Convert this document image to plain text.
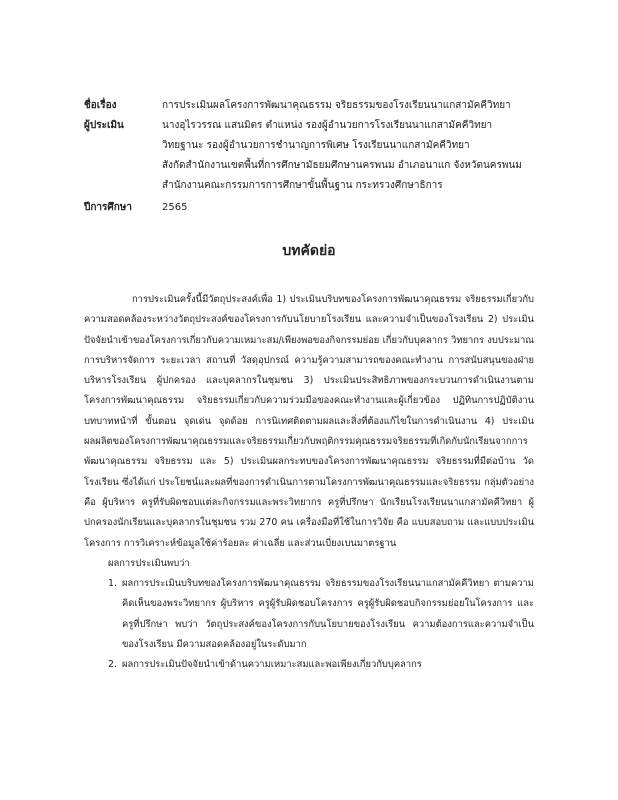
ชื่อเรื่อง	การประเมินผลโครงการพัฒนาคุณธรรม จริยธรรมของโรงเรียนนาแกสามัคคีวิทยา
ผู้ประเมิน	นางอุไรวรรณ แสนมิตร ตำแหน่ง รองผู้อำนวยการโรงเรียนนาแกสามัคคีวิทยา
วิทยฐานะ รองผู้อำนวยการชำนาญการพิเศษ โรงเรียนนาแกสามัคคีวิทยา
สังกัดสำนักงานเขตพื้นที่การศึกษามัธยมศึกษานครพนม อำเภอนาแก จังหวัดนครพนม
สำนักงานคณะกรรมการการศึกษาขั้นพื้นฐาน กระทรวงศึกษาธิการ
ปีการศึกษา	2565
บทคัดย่อ

การประเมินครั้งนี้มีวัตถุประสงค์เพื่อ 1) ประเมินบริบทของโครงการพัฒนาคุณธรรม จริยธรรมเกี่ยวกับความสอดคล้องระหว่างวัตถุประสงค์ของโครงการกับนโยบายโรงเรียน และความจำเป็นของโรงเรียน 2) ประเมินปัจจัยนำเข้าของโครงการเกี่ยวกับความเหมาะสม/เพียงพอของกิจกรรมย่อย เกี่ยวกับบุคลากร วิทยากร งบประมาณ การบริหารจัดการ ระยะเวลา สถานที่ วัสดุอุปกรณ์ ความรู้ความสามารถของคณะทำงาน การสนับสนุนของฝ่ายบริหารโรงเรียน ผู้ปกครอง และบุคลากรในชุมชน 3) ประเมินประสิทธิภาพของกระบวนการดำเนินงานตามโครงการพัฒนาคุณธรรม จริยธรรมเกี่ยวกับความร่วมมือของคณะทำงานและผู้เกี่ยวข้อง ปฏิทินการปฏิบัติงาน บทบาทหน้าที่ ขั้นตอน จุดเด่น จุดด้อย การนิเทศติดตามผลและสิ่งที่ต้องแก้ไขในการดำเนินงาน 4) ประเมินผลผลิตของโครงการพัฒนาคุณธรรมและจริยธรรมเกี่ยวกับพฤติกรรมคุณธรรมจริยธรรมที่เกิดกับนักเรียนจากการพัฒนาคุณธรรม จริยธรรม และ 5) ประเมินผลกระทบของโครงการพัฒนาคุณธรรม จริยธรรมที่มีต่อบ้าน วัด โรงเรียน ซึ่งได้แก่ ประโยชน์และผลที่ของการดำเนินการตามโครงการพัฒนาคุณธรรมและจริยธรรม กลุ่มตัวอย่าง คือ ผู้บริหาร ครูที่รับผิดชอบแต่ละกิจกรรมและพระวิทยากร ครูที่ปรึกษา นักเรียนโรงเรียนนาแกสามัคคีวิทยา ผู้ปกครองนักเรียนและบุคลากรในชุมชน รวม 270 คน เครื่องมือที่ใช้ในการวิจัย คือ แบบสอบถาม และแบบประเมินโครงการ การวิเคราะห์ข้อมูลใช้ค่าร้อยละ ค่าเฉลี่ย และส่วนเบี่ยงเบนมาตรฐาน

ผลการประเมินพบว่า

1. ผลการประเมินบริบทของโครงการพัฒนาคุณธรรม จริยธรรมของโรงเรียนนาแกสามัคคีวิทยา ตามความคิดเห็นของพระวิทยากร ผู้บริหาร ครูผู้รับผิดชอบโครงการ ครูผู้รับผิดชอบกิจกรรมย่อยในโครงการ และครูที่ปรึกษา พบว่า วัตถุประสงค์ของโครงการกับนโยบายของโรงเรียน ความต้องการและความจำเป็นของโรงเรียน มีความสอดคล้องอยู่ในระดับมาก
2. ผลการประเมินปัจจัยนำเข้าด้านความเหมาะสมและพอเพียงเกี่ยวกับบุคลากร
